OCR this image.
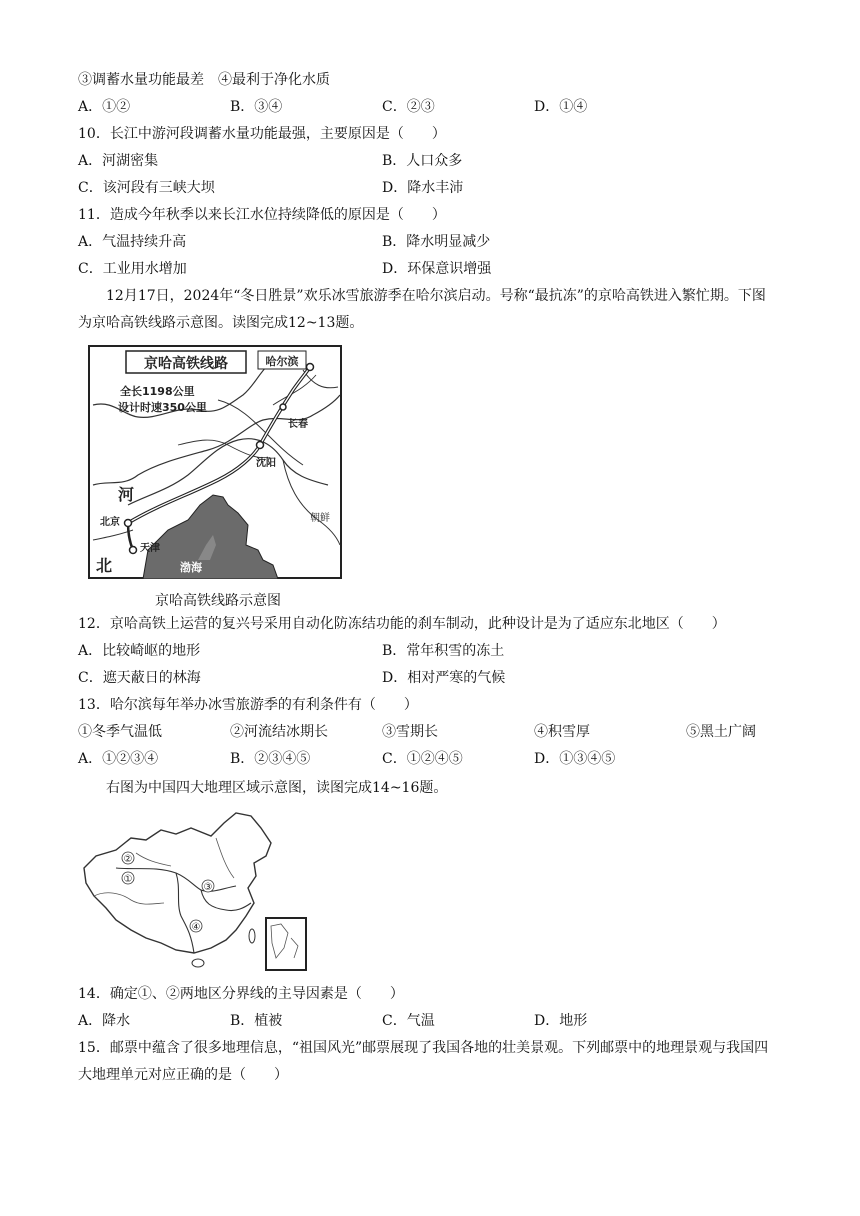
③调蓄水量功能最差　④最利于净化水质
A．①②	B．③④	C．②③	D．①④
10．长江中游河段调蓄水量功能最强，主要原因是（　　）
A．河湖密集	B．人口众多
C．该河段有三峡大坝	D．降水丰沛
11．造成今年秋季以来长江水位持续降低的原因是（　　）
A．气温持续升高	B．降水明显减少
C．工业用水增加	D．环保意识增强
12月17日，2024年“冬日胜景”欢乐冰雪旅游季在哈尔滨启动。号称“最抗冻”的京哈高铁进入繁忙期。下图为京哈高铁线路示意图。读图完成12~13题。
京哈高铁线路
全长1198公里
设计时速350公里
哈尔滨
长春
沈阳
北京
天津
渤海
河
北
朝鲜
京哈高铁线路示意图
12．京哈高铁上运营的复兴号采用自动化防冻结功能的刹车制动，此种设计是为了适应东北地区（　　）
A．比较崎岖的地形	B．常年积雪的冻土
C．遮天蔽日的林海	D．相对严寒的气候
13．哈尔滨每年举办冰雪旅游季的有利条件有（　　）
①冬季气温低	②河流结冰期长	③雪期长	④积雪厚	⑤黑土广阔
A．①②③④	B．②③④⑤	C．①②④⑤	D．①③④⑤
右图为中国四大地理区域示意图，读图完成14~16题。
①
②
③
④
14．确定①、②两地区分界线的主导因素是（　　）
A．降水	B．植被	C．气温	D．地形
15．邮票中蕴含了很多地理信息，“祖国风光”邮票展现了我国各地的壮美景观。下列邮票中的地理景观与我国四大地理单元对应正确的是（　　）
